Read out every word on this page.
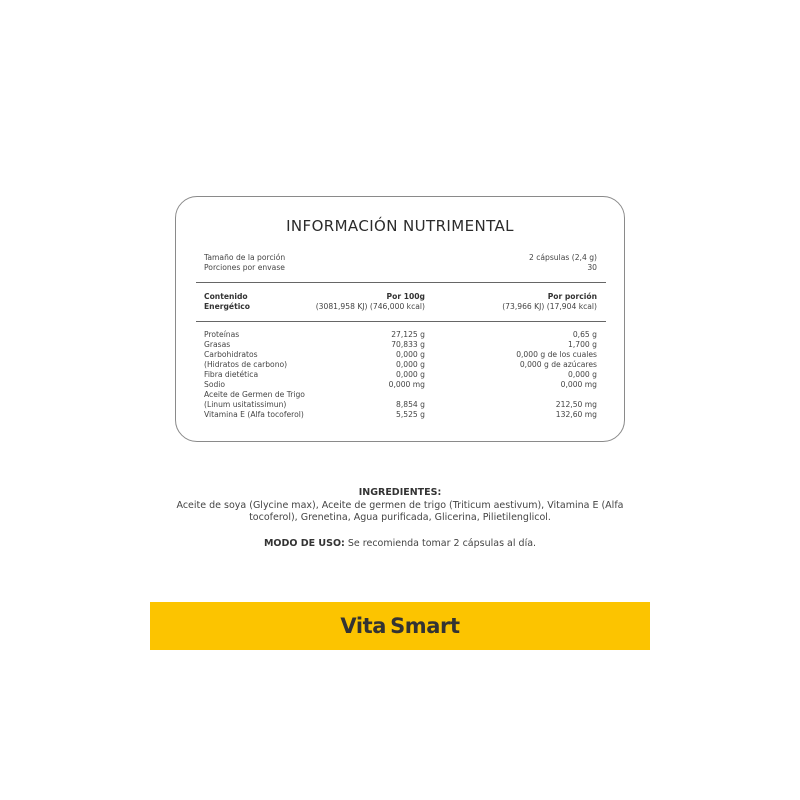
INFORMACIÓN NUTRIMENTAL
Tamaño de la porción	2 cápsulas (2,4 g)
Porciones por envase	30
Contenido	Por 100g	Por porción
Energético	(3081,958 KJ) (746,000 kcal)	(73,966 KJ) (17,904 kcal)
Proteínas	27,125 g	0,65 g
Grasas	70,833 g	1,700 g
Carbohidratos	0,000 g	0,000 g de los cuales
(Hidratos de carbono)	0,000 g	0,000 g de azúcares
Fibra dietética	0,000 g	0,000 g
Sodio	0,000 mg	0,000 mg
Aceite de Germen de Trigo
(Linum usitatissimun)	8,854 g	212,50 mg
Vitamina E (Alfa tocoferol)	5,525 g	132,60 mg
INGREDIENTES:
Aceite de soya (Glycine max), Aceite de germen de trigo (Triticum aestivum), Vitamina E (Alfa
tocoferol), Grenetina, Agua purificada, Glicerina, Pilietilenglicol.
MODO DE USO: Se recomienda tomar 2 cápsulas al día.
Vita Smart
